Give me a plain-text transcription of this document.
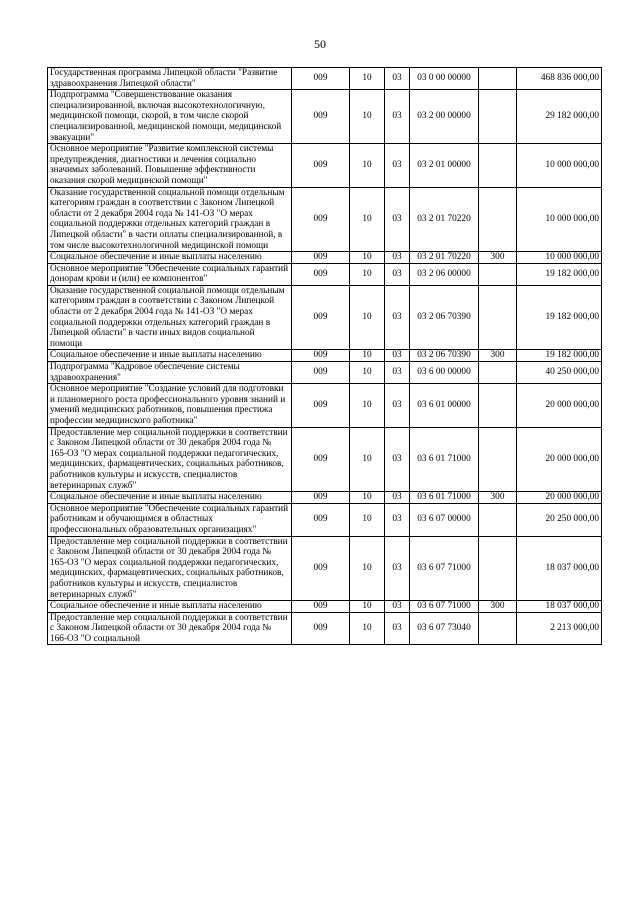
50
Государственная программа Липецкой области "Развитие здравоохранения Липецкой области"	009	10	03	03 0 00 00000		468 836 000,00
Подпрограмма "Совершенствование оказания специализированной, включая высокотехнологичную, медицинской помощи, скорой, в том числе скорой специализированной, медицинской помощи, медицинской эвакуации"	009	10	03	03 2 00 00000		29 182 000,00
Основное мероприятие "Развитие комплексной системы предупреждения, диагностики и лечения социально значимых заболеваний. Повышение эффективности оказания скорой медицинской помощи"	009	10	03	03 2 01 00000		10 000 000,00
Оказание государственной социальной помощи отдельным категориям граждан в соответствии с Законом Липецкой области от 2 декабря 2004 года № 141-ОЗ "О мерах социальной поддержки отдельных категорий граждан в Липецкой области" в части оплаты специализированной, в том числе высокотехнологичной медицинской помощи	009	10	03	03 2 01 70220		10 000 000,00
Социальное обеспечение и иные выплаты населению	009	10	03	03 2 01 70220	300	10 000 000,00
Основное мероприятие "Обеспечение социальных гарантий донорам крови и (или) ее компонентов"	009	10	03	03 2 06 00000		19 182 000,00
Оказание государственной социальной помощи отдельным категориям граждан в соответствии с Законом Липецкой области от 2 декабря 2004 года № 141-ОЗ "О мерах социальной поддержки отдельных категорий граждан в Липецкой области" в части иных видов социальной помощи	009	10	03	03 2 06 70390		19 182 000,00
Социальное обеспечение и иные выплаты населению	009	10	03	03 2 06 70390	300	19 182 000,00
Подпрограмма "Кадровое обеспечение системы здравоохранения"	009	10	03	03 6 00 00000		40 250 000,00
Основное мероприятие "Создание условий для подготовки и планомерного роста профессионального уровня знаний и умений медицинских работников, повышения престижа профессии медицинского работника"	009	10	03	03 6 01 00000		20 000 000,00
Предоставление мер социальной поддержки в соответствии с Законом Липецкой области от 30 декабря 2004 года № 165-ОЗ "О мерах социальной поддержки педагогических, медицинских, фармацевтических, социальных работников, работников культуры и искусств, специалистов ветеринарных служб"	009	10	03	03 6 01 71000		20 000 000,00
Социальное обеспечение и иные выплаты населению	009	10	03	03 6 01 71000	300	20 000 000,00
Основное мероприятие "Обеспечение социальных гарантий работникам и обучающимся в областных профессиональных образовательных организациях"	009	10	03	03 6 07 00000		20 250 000,00
Предоставление мер социальной поддержки в соответствии с Законом Липецкой области от 30 декабря 2004 года № 165-ОЗ "О мерах социальной поддержки педагогических, медицинских, фармацевтических, социальных работников, работников культуры и искусств, специалистов ветеринарных служб"	009	10	03	03 6 07 71000		18 037 000,00
Социальное обеспечение и иные выплаты населению	009	10	03	03 6 07 71000	300	18 037 000,00
Предоставление мер социальной поддержки в соответствии с Законом Липецкой области от 30 декабря 2004 года № 166-ОЗ "О социальной	009	10	03	03 6 07 73040		2 213 000,00
